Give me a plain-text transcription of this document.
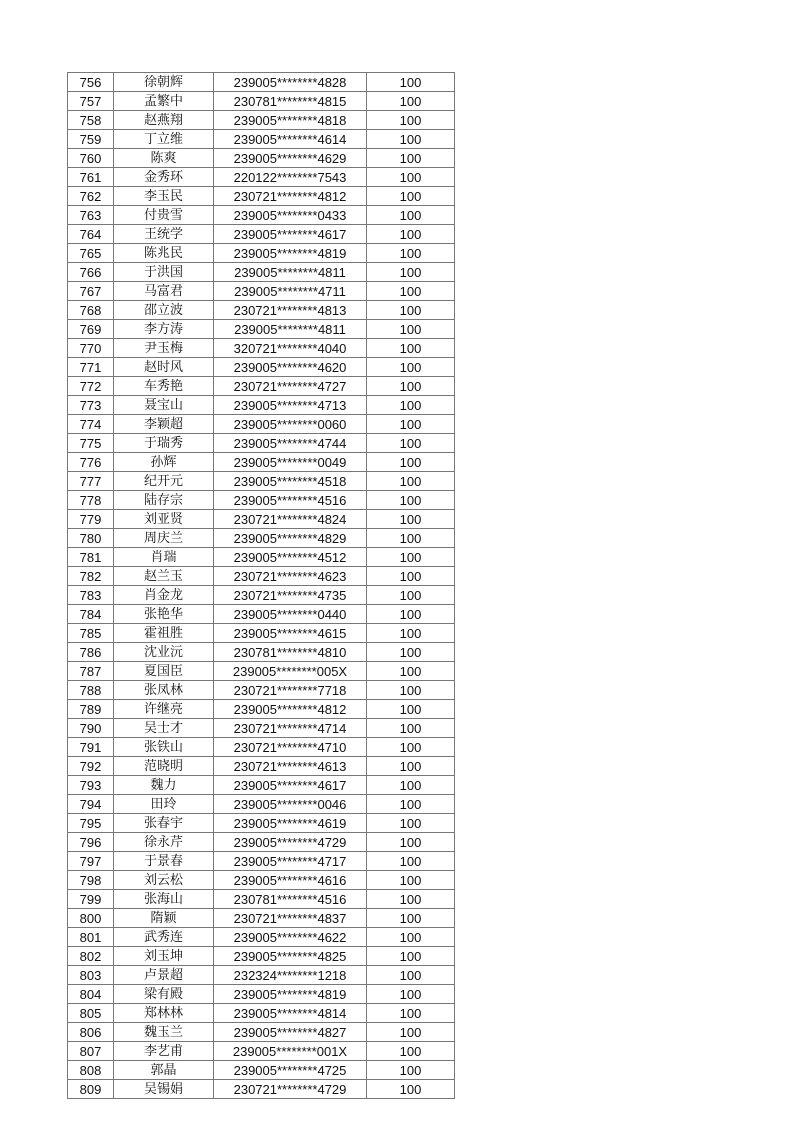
756	徐朝辉	239005********4828	100
757	孟繁中	230781********4815	100
758	赵燕翔	239005********4818	100
759	丁立维	239005********4614	100
760	陈爽	239005********4629	100
761	金秀环	220122********7543	100
762	李玉民	230721********4812	100
763	付贵雪	239005********0433	100
764	王统学	239005********4617	100
765	陈兆民	239005********4819	100
766	于洪国	239005********4811	100
767	马富君	239005********4711	100
768	邵立波	230721********4813	100
769	李方涛	239005********4811	100
770	尹玉梅	320721********4040	100
771	赵时风	239005********4620	100
772	车秀艳	230721********4727	100
773	聂宝山	239005********4713	100
774	李颖超	239005********0060	100
775	于瑞秀	239005********4744	100
776	孙辉	239005********0049	100
777	纪开元	239005********4518	100
778	陆存宗	239005********4516	100
779	刘亚贤	230721********4824	100
780	周庆兰	239005********4829	100
781	肖瑞	239005********4512	100
782	赵兰玉	230721********4623	100
783	肖金龙	230721********4735	100
784	张艳华	239005********0440	100
785	霍祖胜	239005********4615	100
786	沈业沅	230781********4810	100
787	夏国臣	239005********005X	100
788	张凤林	230721********7718	100
789	许继亮	239005********4812	100
790	吴士才	230721********4714	100
791	张铁山	230721********4710	100
792	范晓明	230721********4613	100
793	魏力	239005********4617	100
794	田玲	239005********0046	100
795	张春宇	239005********4619	100
796	徐永芹	239005********4729	100
797	于景春	239005********4717	100
798	刘云松	239005********4616	100
799	张海山	230781********4516	100
800	隋颖	230721********4837	100
801	武秀连	239005********4622	100
802	刘玉坤	239005********4825	100
803	卢景超	232324********1218	100
804	梁有殿	239005********4819	100
805	郑林林	239005********4814	100
806	魏玉兰	239005********4827	100
807	李艺甫	239005********001X	100
808	郭晶	239005********4725	100
809	吴锡娟	230721********4729	100
